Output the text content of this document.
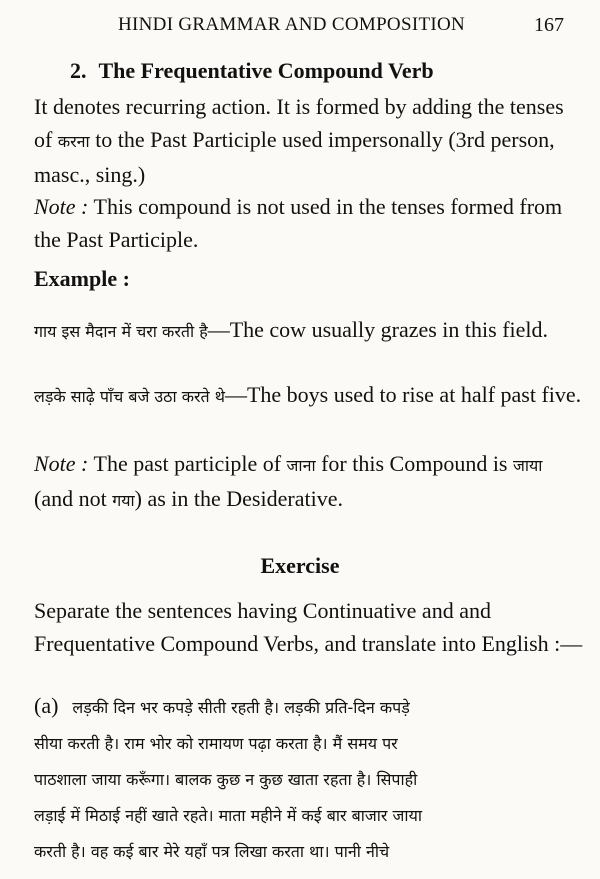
HINDI GRAMMAR AND COMPOSITION	167
2. The Frequentative Compound Verb
It denotes recurring action. It is formed by adding the tenses of करना to the Past Participle used impersonally (3rd person, masc., sing.)
Note : This compound is not used in the tenses formed from the Past Participle.
Example :
गाय इस मैदान में चरा करती है—The cow usually grazes in this field.
लड़के साढ़े पाँच बजे उठा करते थे—The boys used to rise at half past five.
Note : The past participle of जाना for this Compound is जाया (and not गया) as in the Desiderative.
Exercise
Separate the sentences having Continuative and and Frequentative Compound Verbs, and translate into English :—
(a) लड़की दिन भर कपड़े सीती रहती है। लड़की प्रति-दिन कपड़े
सीया करती है। राम भोर को रामायण पढ़ा करता है। मैं समय पर
पाठशाला जाया करूँगा। बालक कुछ न कुछ खाता रहता है। सिपाही
लड़ाई में मिठाई नहीं खाते रहते। माता महीने में कई बार बाजार जाया
करती है। वह कई बार मेरे यहाँ पत्र लिखा करता था। पानी नीचे
